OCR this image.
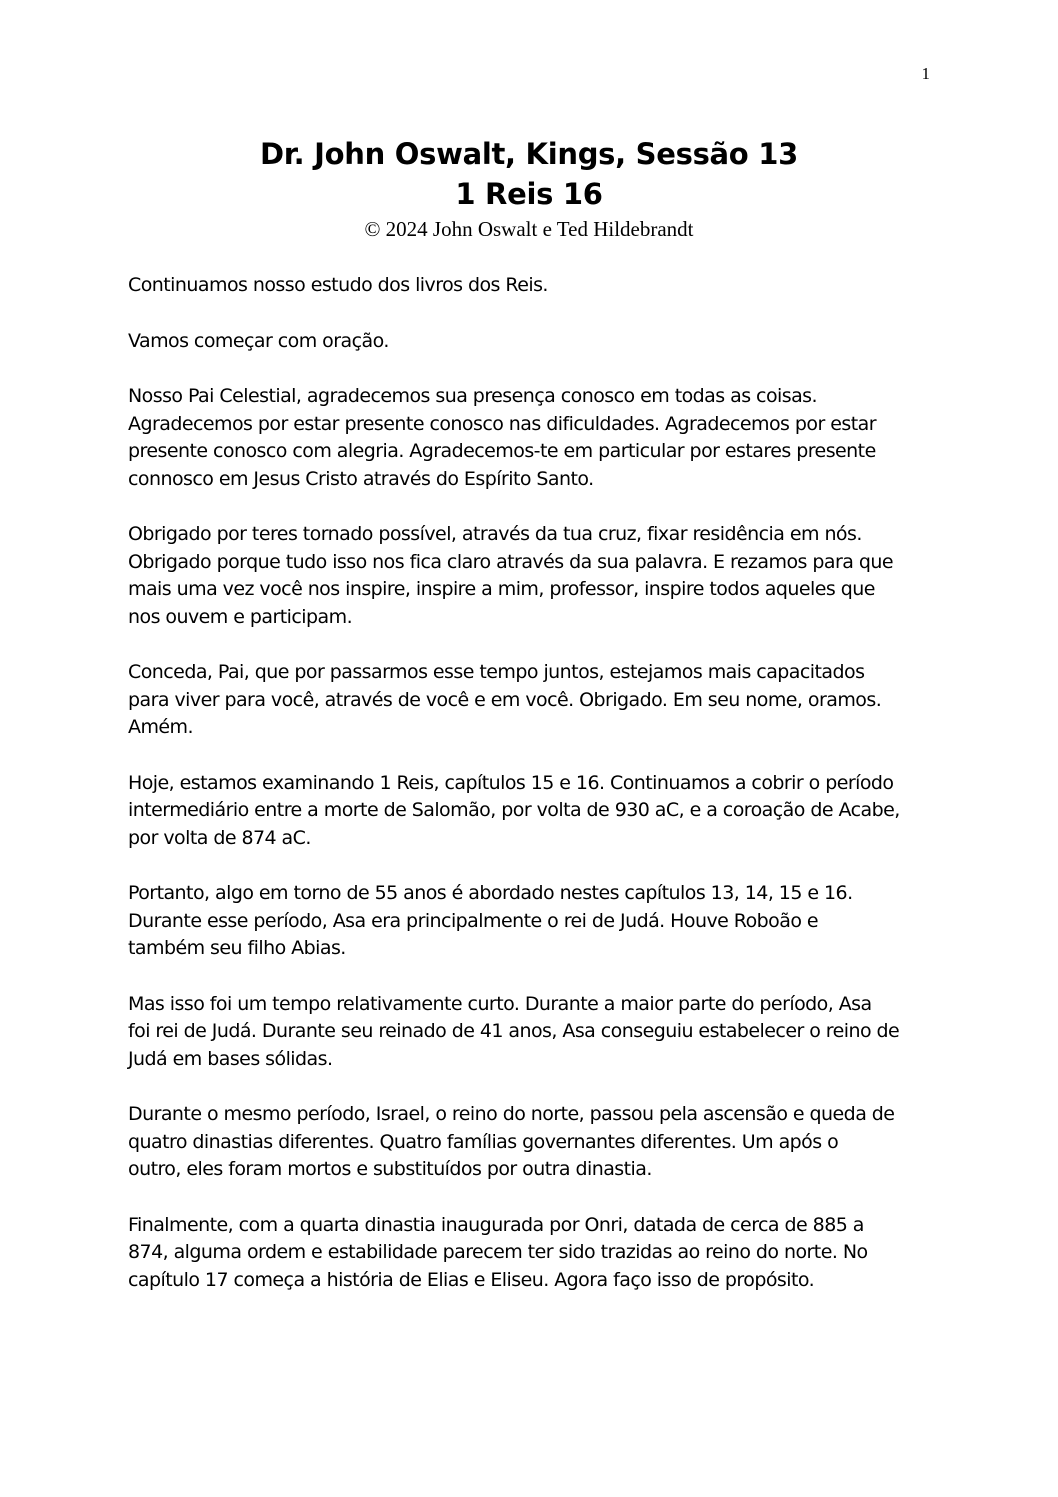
1
Dr. John Oswalt, Kings, Sessão 13
1 Reis 16
© 2024 John Oswalt e Ted Hildebrandt

Continuamos nosso estudo dos livros dos Reis.

Vamos começar com oração.

Nosso Pai Celestial, agradecemos sua presença conosco em todas as coisas.
Agradecemos por estar presente conosco nas dificuldades. Agradecemos por estar
presente conosco com alegria. Agradecemos-te em particular por estares presente
connosco em Jesus Cristo através do Espírito Santo.

Obrigado por teres tornado possível, através da tua cruz, fixar residência em nós.
Obrigado porque tudo isso nos fica claro através da sua palavra. E rezamos para que
mais uma vez você nos inspire, inspire a mim, professor, inspire todos aqueles que
nos ouvem e participam.

Conceda, Pai, que por passarmos esse tempo juntos, estejamos mais capacitados
para viver para você, através de você e em você. Obrigado. Em seu nome, oramos.
Amém.

Hoje, estamos examinando 1 Reis, capítulos 15 e 16. Continuamos a cobrir o período
intermediário entre a morte de Salomão, por volta de 930 aC, e a coroação de Acabe,
por volta de 874 aC.

Portanto, algo em torno de 55 anos é abordado nestes capítulos 13, 14, 15 e 16.
Durante esse período, Asa era principalmente o rei de Judá. Houve Roboão e
também seu filho Abias.

Mas isso foi um tempo relativamente curto. Durante a maior parte do período, Asa
foi rei de Judá. Durante seu reinado de 41 anos, Asa conseguiu estabelecer o reino de
Judá em bases sólidas.

Durante o mesmo período, Israel, o reino do norte, passou pela ascensão e queda de
quatro dinastias diferentes. Quatro famílias governantes diferentes. Um após o
outro, eles foram mortos e substituídos por outra dinastia.

Finalmente, com a quarta dinastia inaugurada por Onri, datada de cerca de 885 a
874, alguma ordem e estabilidade parecem ter sido trazidas ao reino do norte. No
capítulo 17 começa a história de Elias e Eliseu. Agora faço isso de propósito.
